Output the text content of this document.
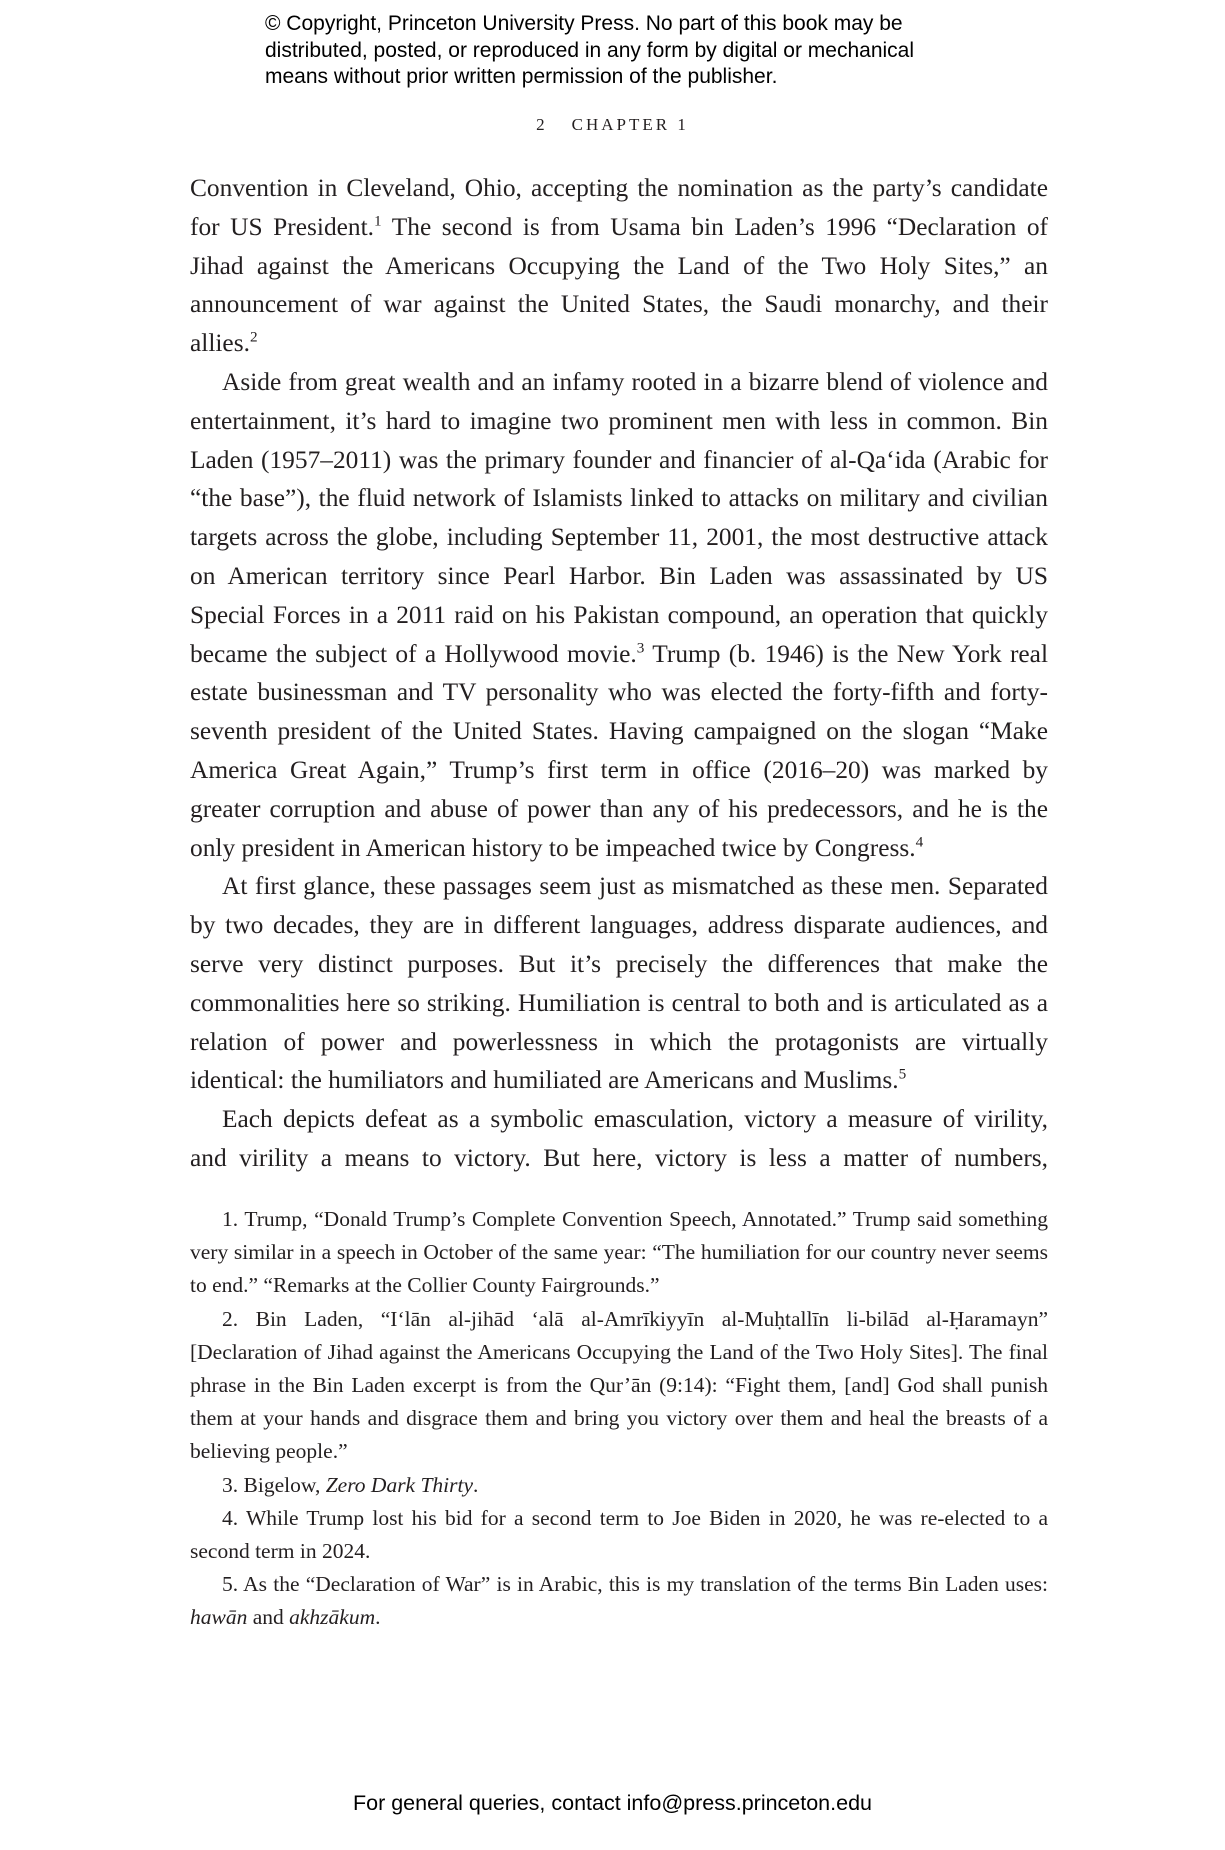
© Copyright, Princeton University Press. No part of this book may be

distributed, posted, or reproduced in any form by digital or mechanical

means without prior written permission of the publisher.

2 CHAPTER 1

Convention in Cleveland, Ohio, accepting the nomination as the party’s candidate for US President.$^1$ The second is from Usama bin Laden’s 1996 “Declaration of Jihad against the Americans Occupying the Land of the Two Holy Sites,” an announcement of war against the United States, the Saudi monarchy, and their allies.$^2$

Aside from great wealth and an infamy rooted in a bizarre blend of violence and entertainment, it’s hard to imagine two prominent men with less in common. Bin Laden (1957–2011) was the primary founder and financier of al-Qa‘ida (Arabic for “the base”), the fluid network of Islamists linked to attacks on military and civilian targets across the globe, including September 11, 2001, the most destructive attack on American territory since Pearl Harbor. Bin Laden was assassinated by US Special Forces in a 2011 raid on his Pakistan compound, an operation that quickly became the subject of a Hollywood movie.$^3$ Trump (b. 1946) is the New York real estate businessman and TV personality who was elected the forty-fifth and forty-seventh president of the United States. Having campaigned on the slogan “Make America Great Again,” Trump’s first term in office (2016–20) was marked by greater corruption and abuse of power than any of his predecessors, and he is the only president in American history to be impeached twice by Congress.$^4$

At first glance, these passages seem just as mismatched as these men. Separated by two decades, they are in different languages, address disparate audiences, and serve very distinct purposes. But it’s precisely the differences that make the commonalities here so striking. Humiliation is central to both and is articulated as a relation of power and powerlessness in which the protagonists are virtually identical: the humiliators and humiliated are Americans and Muslims.$^5$

Each depicts defeat as a symbolic emasculation, victory a measure of virility, and virility a means to victory. But here, victory is less a matter of numbers,

1. Trump, “Donald Trump’s Complete Convention Speech, Annotated.” Trump said something very similar in a speech in October of the same year: “The humiliation for our country never seems to end.” “Remarks at the Collier County Fairgrounds.”

2. Bin Laden, “I‘lān al-jihād ‘alā al-Amrīkiyyīn al-Muḥtallīn li-bilād al-Ḥaramayn” [Declaration of Jihad against the Americans Occupying the Land of the Two Holy Sites]. The final phrase in the Bin Laden excerpt is from the Qur’ān (9:14): “Fight them, [and] God shall punish them at your hands and disgrace them and bring you victory over them and heal the breasts of a believing people.”

3. Bigelow, Zero Dark Thirty.

4. While Trump lost his bid for a second term to Joe Biden in 2020, he was re-elected to a second term in 2024.

5. As the “Declaration of War” is in Arabic, this is my translation of the terms Bin Laden uses: hawān and akhzākum.

For general queries, contact info@press.princeton.edu
